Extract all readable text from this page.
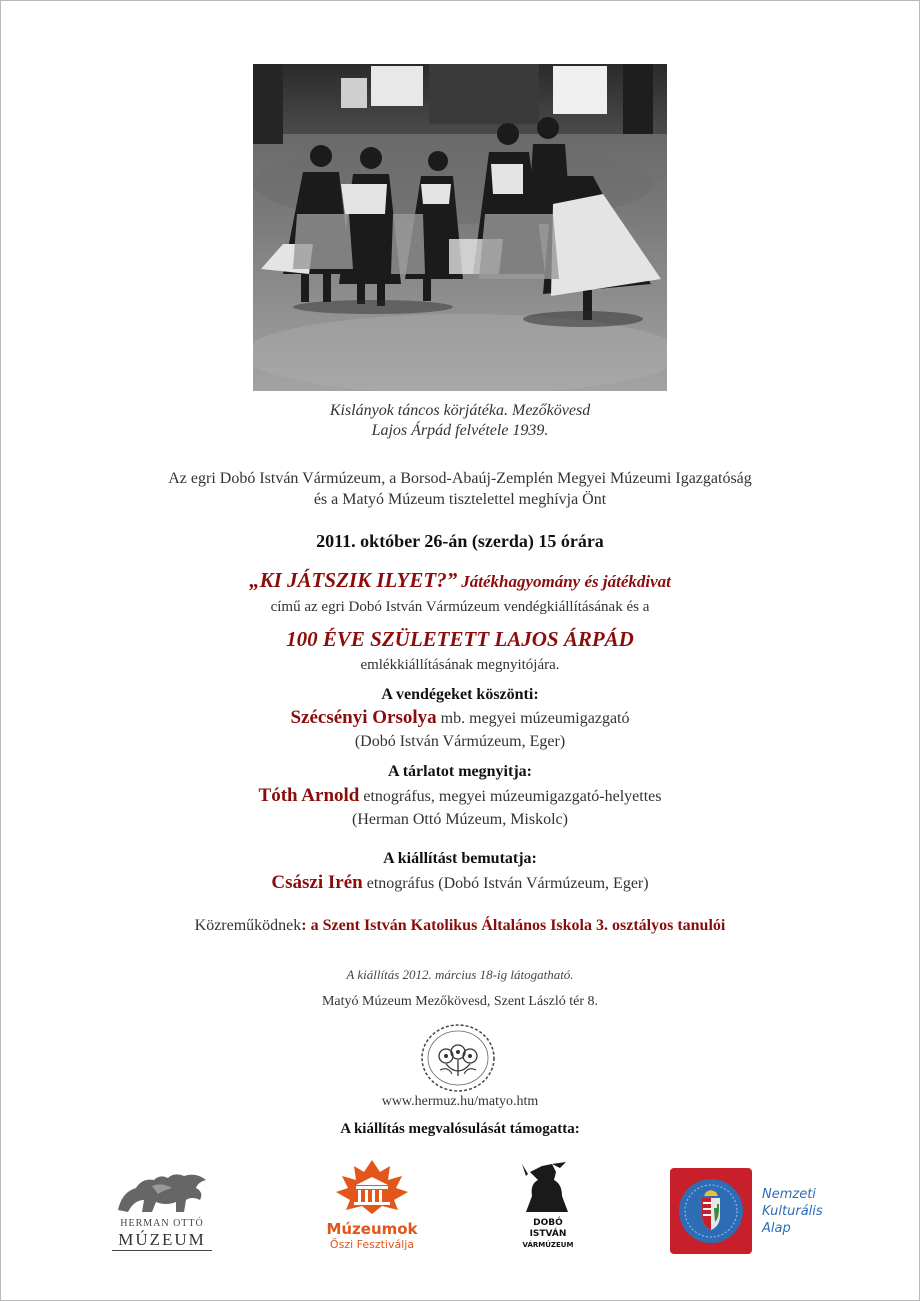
Kislányok táncos körjátéka. Mezőkövesd
Lajos Árpád felvétele 1939.
Az egri Dobó István Vármúzeum, a Borsod-Abaúj-Zemplén Megyei Múzeumi Igazgatóság
és a Matyó Múzeum tisztelettel meghívja Önt
2011. október 26-án (szerda) 15 órára
„KI JÁTSZIK ILYET?” Játékhagyomány és játékdivat
című az egri Dobó István Vármúzeum vendégkiállításának és a
100 ÉVE SZÜLETETT LAJOS ÁRPÁD
emlékkiállításának megnyitójára.
A vendégeket köszönti:
Szécsényi Orsolya mb. megyei múzeumigazgató
(Dobó István Vármúzeum, Eger)
A tárlatot megnyitja:
Tóth Arnold etnográfus, megyei múzeumigazgató-helyettes
(Herman Ottó Múzeum, Miskolc)
A kiállítást bemutatja:
Császi Irén etnográfus (Dobó István Vármúzeum, Eger)
Közreműködnek: a Szent István Katolikus Általános Iskola 3. osztályos tanulói
A kiállítás 2012. március 18-ig látogatható.
Matyó Múzeum Mezőkövesd, Szent László tér 8.
www.hermuz.hu/matyo.htm
A kiállítás megvalósulását támogatta:
HERMAN OTTÓ
MÚZEUM
Múzeumok
Őszi Fesztiválja
DOBÓ
ISTVÁN
VÁRMÚZEUM
Nemzeti
Kulturális
Alap
